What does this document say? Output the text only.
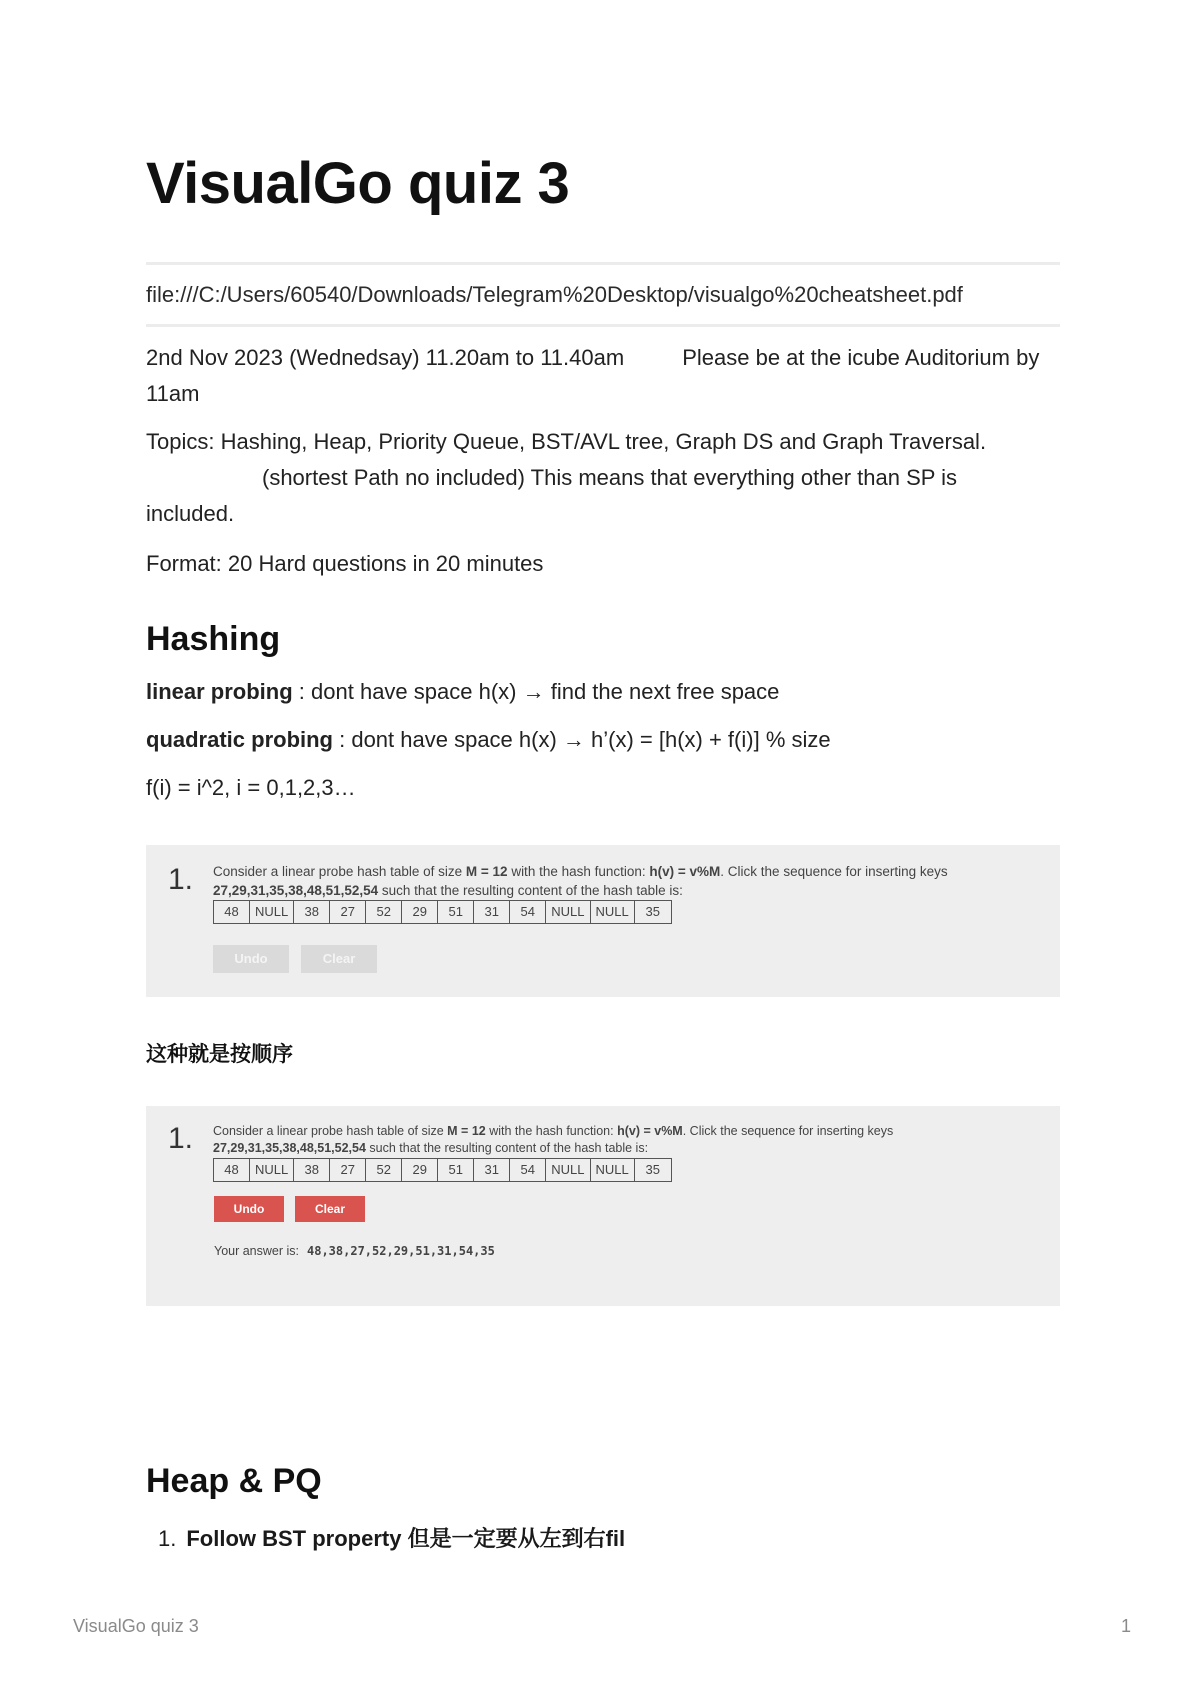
VisualGo quiz 3
file:///C:/Users/60540/Downloads/Telegram%20Desktop/visualgo%20cheatsheet.pdf

2nd Nov 2023 (Wednedsay) 11.20am to 11.40am	Please be at the icube Auditorium by 11am

Topics: Hashing, Heap, Priority Queue, BST/AVL tree, Graph DS and Graph Traversal.(shortest Path no included) This means that everything other than SP is included.

Format: 20 Hard questions in 20 minutes

Hashing

linear probing : dont have space h(x) → find the next free space

quadratic probing : dont have space h(x) → h’(x) = [h(x) + f(i)] % size

f(i) = i^2, i = 0,1,2,3…

1. Consider a linear probe hash table of size M = 12 with the hash function: h(v) = v%M. Click the sequence for inserting keys 27,29,31,35,38,48,51,52,54 such that the resulting content of the hash table is:
48	NULL	38	27	52	29	51	31	54	NULL NULL	35
Undo	Clear
这种就是按顺序
1. Consider a linear probe hash table of size M = 12 with the hash function: h(v) = v%M. Click the sequence for inserting keys 27,29,31,35,38,48,51,52,54 such that the resulting content of the hash table is:
48	NULL	38	27	52	29	51	31	54	NULL NULL	35
Undo	Clear
Your answer is: 48,38,27,52,29,51,31,54,35
Heap & PQ
1. Follow BST property 但是一定要从左到右fil
VisualGo quiz 3	1
